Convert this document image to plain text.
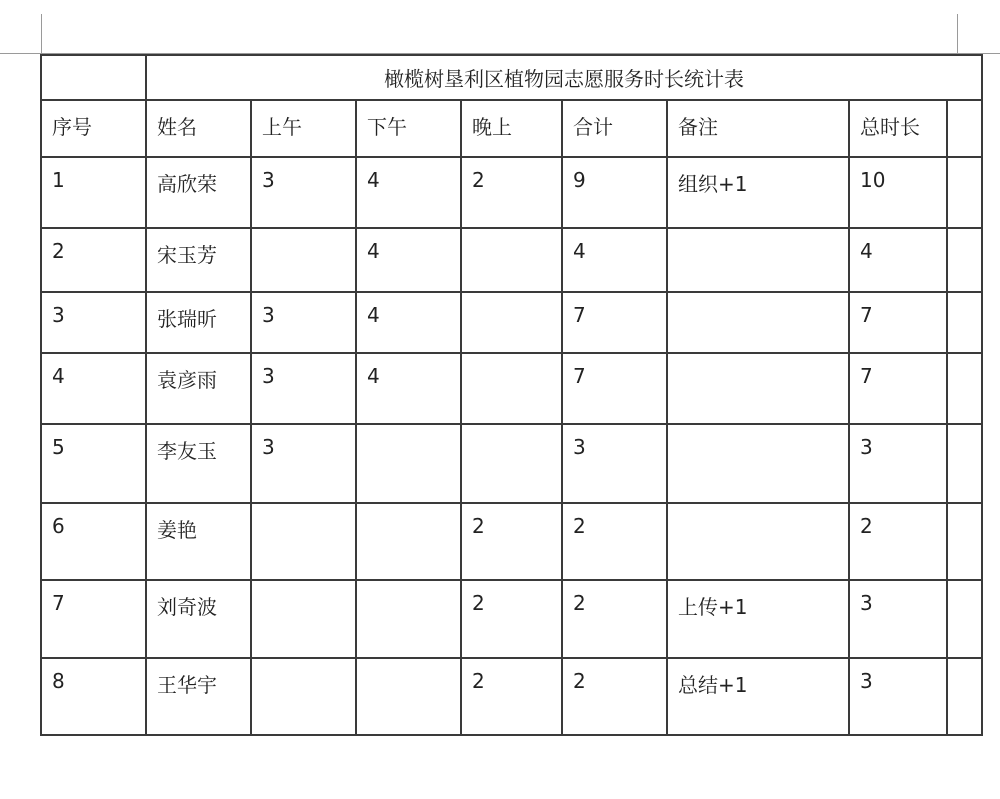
	橄榄树垦利区植物园志愿服务时长统计表							
序号	姓名	上午	下午	晚上	合计	备注	总时长	
1	高欣荣	3	4	2	9	组织+1	10	
2	宋玉芳		4		4		4	
3	张瑞昕	3	4		7		7	
4	袁彦雨	3	4		7		7	
5	李友玉	3			3		3	
6	姜艳			2	2		2	
7	刘奇波			2	2	上传+1	3	
8	王华宇			2	2	总结+1	3	
